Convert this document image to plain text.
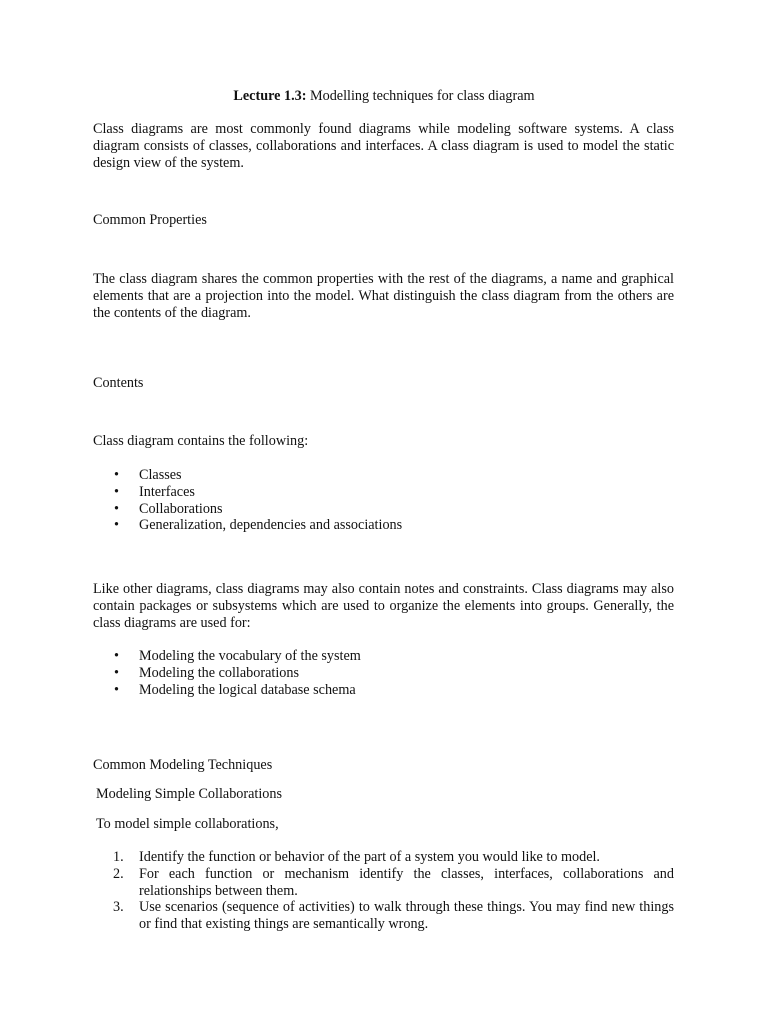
Lecture 1.3: Modelling techniques for class diagram
Class diagrams are most commonly found diagrams while modeling software systems. A class diagram consists of classes, collaborations and interfaces. A class diagram is used to model the static design view of the system.
Common Properties
The class diagram shares the common properties with the rest of the diagrams, a name and graphical elements that are a projection into the model. What distinguish the class diagram from the others are the contents of the diagram.
Contents
Class diagram contains the following:
• Classes
• Interfaces
• Collaborations
• Generalization, dependencies and associations
Like other diagrams, class diagrams may also contain notes and constraints. Class diagrams may also contain packages or subsystems which are used to organize the elements into groups. Generally, the class diagrams are used for:
• Modeling the vocabulary of the system
• Modeling the collaborations
• Modeling the logical database schema
Common Modeling Techniques
Modeling Simple Collaborations
To model simple collaborations,
1. Identify the function or behavior of the part of a system you would like to model.
2. For each function or mechanism identify the classes, interfaces, collaborations and relationships between them.
3. Use scenarios (sequence of activities) to walk through these things. You may find new things or find that existing things are semantically wrong.
